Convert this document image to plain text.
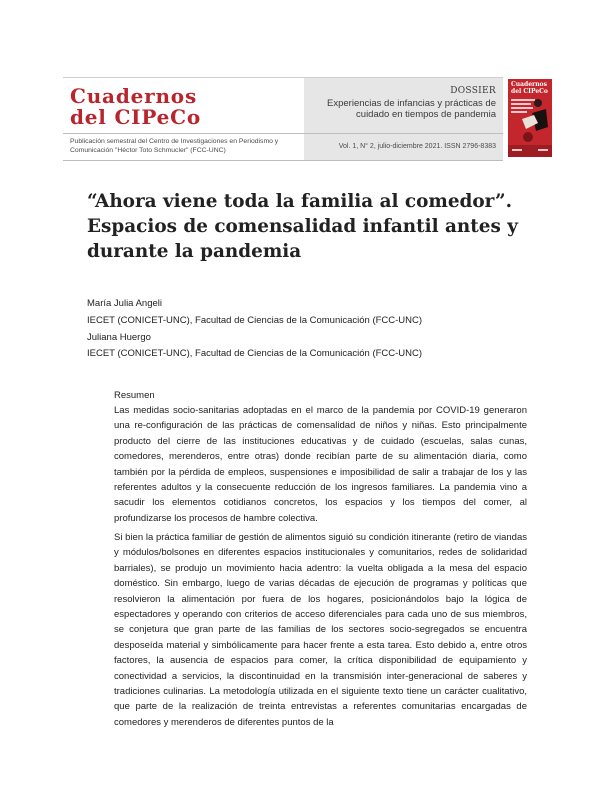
Cuadernos
del CIPeCo
DOSSIER
Experiencias de infancias y prácticas de cuidado en tiempos de pandemia
Publicación semestral del Centro de Investigaciones en Periodismo y Comunicación "Héctor Toto Schmucler" (FCC-UNC)	Vol. 1, N° 2, julio-diciembre 2021. ISSN 2796-8383
Cuadernos
del CIPeCo
“Ahora viene toda la familia al comedor”. Espacios de comensalidad infantil antes y durante la pandemia
María Julia Angeli
IECET (CONICET-UNC), Facultad de Ciencias de la Comunicación (FCC-UNC)
Juliana Huergo
IECET (CONICET-UNC), Facultad de Ciencias de la Comunicación (FCC-UNC)
Resumen

Las medidas socio-sanitarias adoptadas en el marco de la pandemia por COVID-19 generaron una re-configuración de las prácticas de comensalidad de niños y niñas. Esto principalmente producto del cierre de las instituciones educativas y de cuidado (escuelas, salas cunas, comedores, merenderos, entre otras) donde recibían parte de su alimentación diaria, como también por la pérdida de empleos, suspensiones e imposibilidad de salir a trabajar de los y las referentes adultos y la consecuente reducción de los ingresos familiares. La pandemia vino a sacudir los elementos cotidianos concretos, los espacios y los tiempos del comer, al profundizarse los procesos de hambre colectiva.

Si bien la práctica familiar de gestión de alimentos siguió su condición itinerante (retiro de viandas y módulos/bolsones en diferentes espacios institucionales y comunitarios, redes de solidaridad barriales), se produjo un movimiento hacia adentro: la vuelta obligada a la mesa del espacio doméstico. Sin embargo, luego de varias décadas de ejecución de programas y políticas que resolvieron la alimentación por fuera de los hogares, posicionándolos bajo la lógica de espectadores y operando con criterios de acceso diferenciales para cada uno de sus miembros, se conjetura que gran parte de las familias de los sectores socio-segregados se encuentra desposeída material y simbólicamente para hacer frente a esta tarea. Esto debido a, entre otros factores, la ausencia de espacios para comer, la crítica disponibilidad de equipamiento y conectividad a servicios, la discontinuidad en la transmisión inter-generacional de saberes y tradiciones culinarias. La metodología utilizada en el siguiente texto tiene un carácter cualitativo, que parte de la realización de treinta entrevistas a referentes comunitarias encargadas de comedores y merenderos de diferentes puntos de la
